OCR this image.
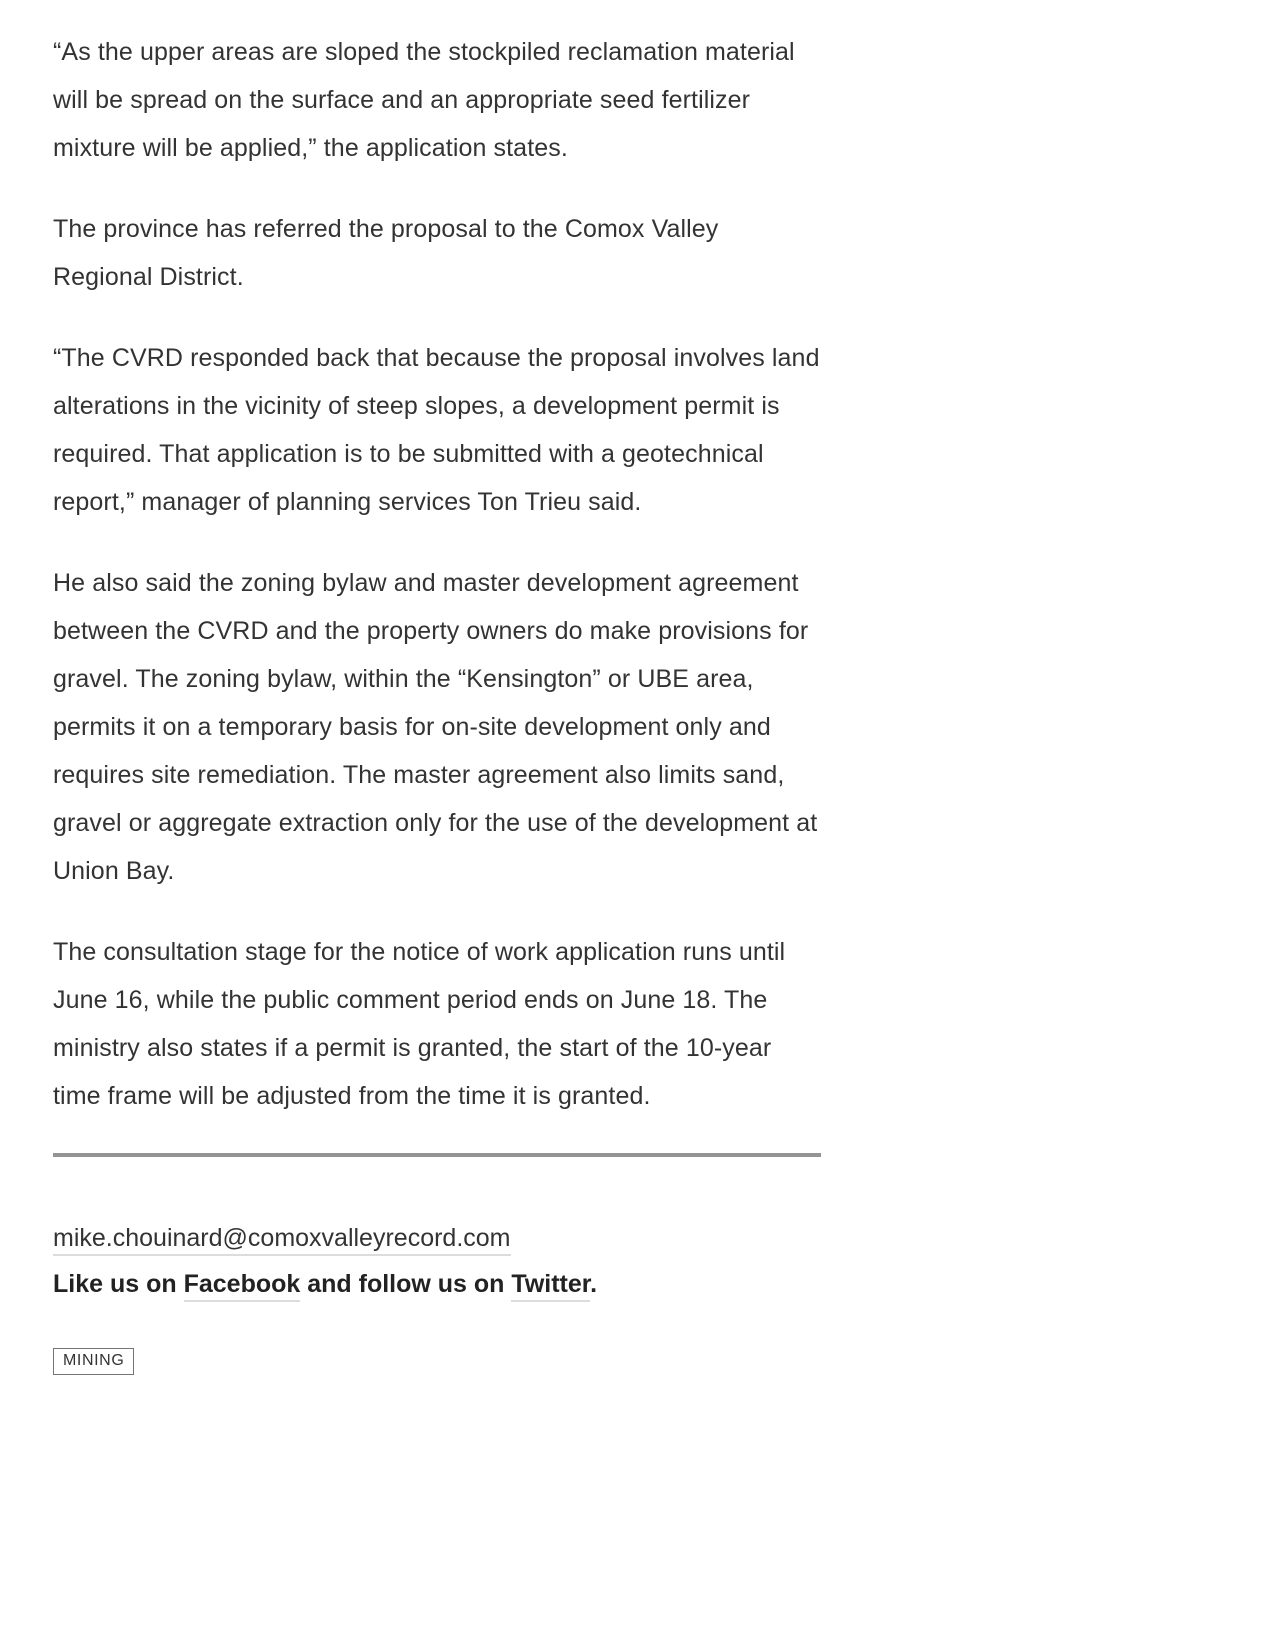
“As the upper areas are sloped the stockpiled reclamation material will be spread on the surface and an appropriate seed fertilizer mixture will be applied,” the application states.

The province has referred the proposal to the Comox Valley Regional District.

“The CVRD responded back that because the proposal involves land alterations in the vicinity of steep slopes, a development permit is required. That application is to be submitted with a geotechnical report,” manager of planning services Ton Trieu said.

He also said the zoning bylaw and master development agreement between the CVRD and the property owners do make provisions for gravel. The zoning bylaw, within the “Kensington” or UBE area, permits it on a temporary basis for on-site development only and requires site remediation. The master agreement also limits sand, gravel or aggregate extraction only for the use of the development at Union Bay.

The consultation stage for the notice of work application runs until June 16, while the public comment period ends on June 18. The ministry also states if a permit is granted, the start of the 10-year time frame will be adjusted from the time it is granted.

mike.chouinard@comoxvalleyrecord.com

Like us on Facebook and follow us on Twitter.

MINING
